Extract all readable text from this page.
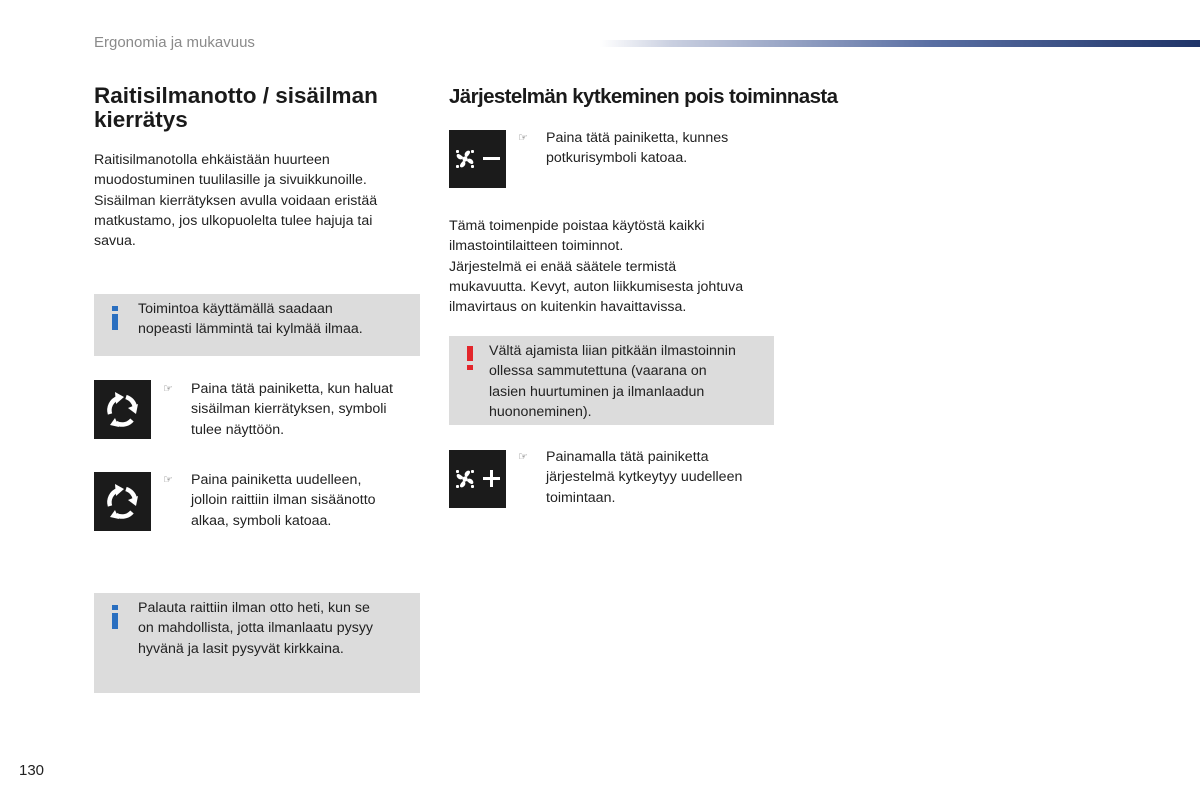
Ergonomia ja mukavuus
Raitisilmanotto / sisäilman kierrätys
Raitisilmanotolla ehkäistään huurteen
muodostuminen tuulilasille ja sivuikkunoille.
Sisäilman kierrätyksen avulla voidaan eristää
matkustamo, jos ulkopuolelta tulee hajuja tai
savua.
Toimintoa käyttämällä saadaan
nopeasti lämmintä tai kylmää ilmaa.
☞ Paina tätä painiketta, kun haluat
sisäilman kierrätyksen, symboli
tulee näyttöön.
☞ Paina painiketta uudelleen,
jolloin raittiin ilman sisäänotto
alkaa, symboli katoaa.
Palauta raittiin ilman otto heti, kun se
on mahdollista, jotta ilmanlaatu pysyy
hyvänä ja lasit pysyvät kirkkaina.
Järjestelmän kytkeminen pois toiminnasta
☞ Paina tätä painiketta, kunnes
potkurisymboli katoaa.
Tämä toimenpide poistaa käytöstä kaikki
ilmastointilaitteen toiminnot.
Järjestelmä ei enää säätele termistä
mukavuutta. Kevyt, auton liikkumisesta johtuva
ilmavirtaus on kuitenkin havaittavissa.
Vältä ajamista liian pitkään ilmastoinnin
ollessa sammutettuna (vaarana on
lasien huurtuminen ja ilmanlaadun
huononeminen).
☞ Painamalla tätä painiketta
järjestelmä kytkeytyy uudelleen
toimintaan.
130
